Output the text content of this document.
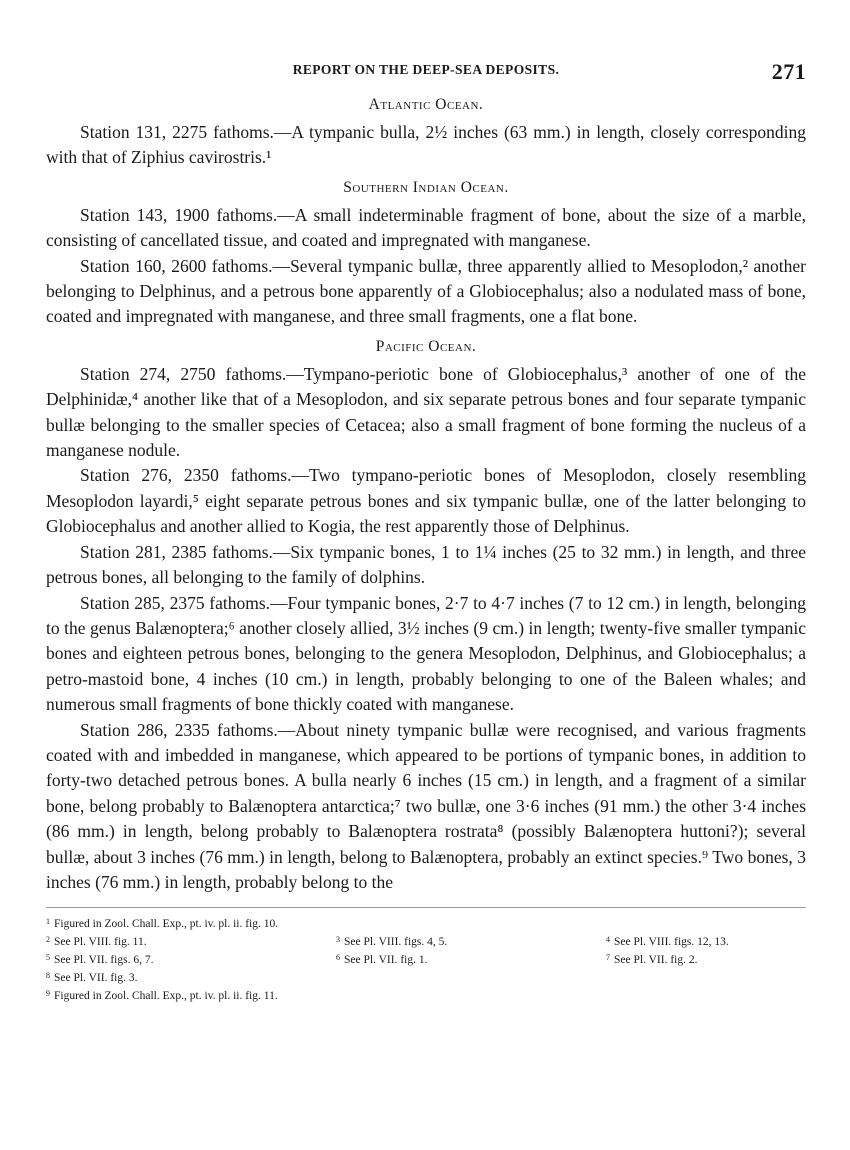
REPORT ON THE DEEP-SEA DEPOSITS.	271
Atlantic Ocean.

Station 131, 2275 fathoms.—A tympanic bulla, 2½ inches (63 mm.) in length, closely corresponding with that of Ziphius cavirostris.¹

Southern Indian Ocean.

Station 143, 1900 fathoms.—A small indeterminable fragment of bone, about the size of a marble, consisting of cancellated tissue, and coated and impregnated with manganese.

Station 160, 2600 fathoms.—Several tympanic bullæ, three apparently allied to Mesoplodon,² another belonging to Delphinus, and a petrous bone apparently of a Globiocephalus; also a nodulated mass of bone, coated and impregnated with manganese, and three small fragments, one a flat bone.

Pacific Ocean.

Station 274, 2750 fathoms.—Tympano-periotic bone of Globiocephalus,³ another of one of the Delphinidæ,⁴ another like that of a Mesoplodon, and six separate petrous bones and four separate tympanic bullæ belonging to the smaller species of Cetacea; also a small fragment of bone forming the nucleus of a manganese nodule.

Station 276, 2350 fathoms.—Two tympano-periotic bones of Mesoplodon, closely resembling Mesoplodon layardi,⁵ eight separate petrous bones and six tympanic bullæ, one of the latter belonging to Globiocephalus and another allied to Kogia, the rest apparently those of Delphinus.

Station 281, 2385 fathoms.—Six tympanic bones, 1 to 1¼ inches (25 to 32 mm.) in length, and three petrous bones, all belonging to the family of dolphins.

Station 285, 2375 fathoms.—Four tympanic bones, 2·7 to 4·7 inches (7 to 12 cm.) in length, belonging to the genus Balænoptera;⁶ another closely allied, 3½ inches (9 cm.) in length; twenty-five smaller tympanic bones and eighteen petrous bones, belonging to the genera Mesoplodon, Delphinus, and Globiocephalus; a petro-mastoid bone, 4 inches (10 cm.) in length, probably belonging to one of the Baleen whales; and numerous small fragments of bone thickly coated with manganese.

Station 286, 2335 fathoms.—About ninety tympanic bullæ were recognised, and various fragments coated with and imbedded in manganese, which appeared to be portions of tympanic bones, in addition to forty-two detached petrous bones. A bulla nearly 6 inches (15 cm.) in length, and a fragment of a similar bone, belong probably to Balænoptera antarctica;⁷ two bullæ, one 3·6 inches (91 mm.) the other 3·4 inches (86 mm.) in length, belong probably to Balænoptera rostrata⁸ (possibly Balænoptera huttoni?); several bullæ, about 3 inches (76 mm.) in length, belong to Balænoptera, probably an extinct species.⁹ Two bones, 3 inches (76 mm.) in length, probably belong to the

$^1$ Figured in Zool. Chall. Exp., pt. iv. pl. ii. fig. 10.
$^2$ See Pl. VIII. fig. 11.	$^3$ See Pl. VIII. figs. 4, 5.	$^4$ See Pl. VIII. figs. 12, 13.
$^5$ See Pl. VII. figs. 6, 7.	$^6$ See Pl. VII. fig. 1.	$^7$ See Pl. VII. fig. 2.
$^8$ See Pl. VII. fig. 3.
$^9$ Figured in Zool. Chall. Exp., pt. iv. pl. ii. fig. 11.
